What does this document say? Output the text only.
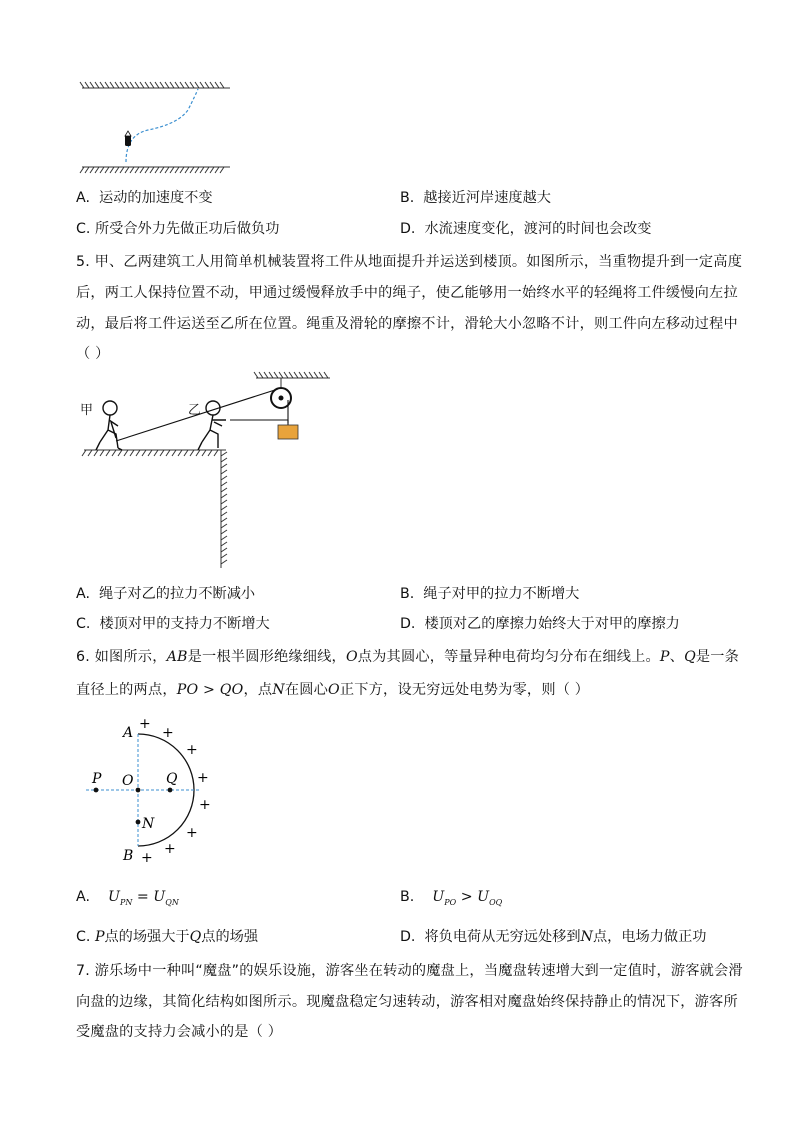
A. 运动的加速度不变	B. 越接近河岸速度越大
C. 所受合外力先做正功后做负功	D. 水流速度变化，渡河的时间也会改变
5. 甲、乙两建筑工人用简单机械装置将工件从地面提升并运送到楼顶。如图所示，当重物提升到一定高度
后，两工人保持位置不动，甲通过缓慢释放手中的绳子，使乙能够用一始终水平的轻绳将工件缓慢向左拉
动，最后将工件运送至乙所在位置。绳重及滑轮的摩擦不计，滑轮大小忽略不计，则工件向左移动过程中
（ ）
甲	乙
A. 绳子对乙的拉力不断减小	B. 绳子对甲的拉力不断增大
C. 楼顶对甲的支持力不断增大	D. 楼顶对乙的摩擦力始终大于对甲的摩擦力
6. 如图所示，AB是一根半圆形绝缘细线，O点为其圆心，等量异种电荷均匀分布在细线上。P、Q是一条
直径上的两点，PO > QO，点N在圆心O正下方，设无穷远处电势为零，则（ ）
A
B
P O Q
N
+
+
+
+
+
+
+
+
A. $U_{PN} = U_{QN}$	B. $U_{PO} > U_{OQ}$
C. P点的场强大于Q点的场强	D. 将负电荷从无穷远处移到N点，电场力做正功
7. 游乐场中一种叫“魔盘”的娱乐设施，游客坐在转动的魔盘上，当魔盘转速增大到一定值时，游客就会滑
向盘的边缘，其简化结构如图所示。现魔盘稳定匀速转动，游客相对魔盘始终保持静止的情况下，游客所
受魔盘的支持力会减小的是（ ）
